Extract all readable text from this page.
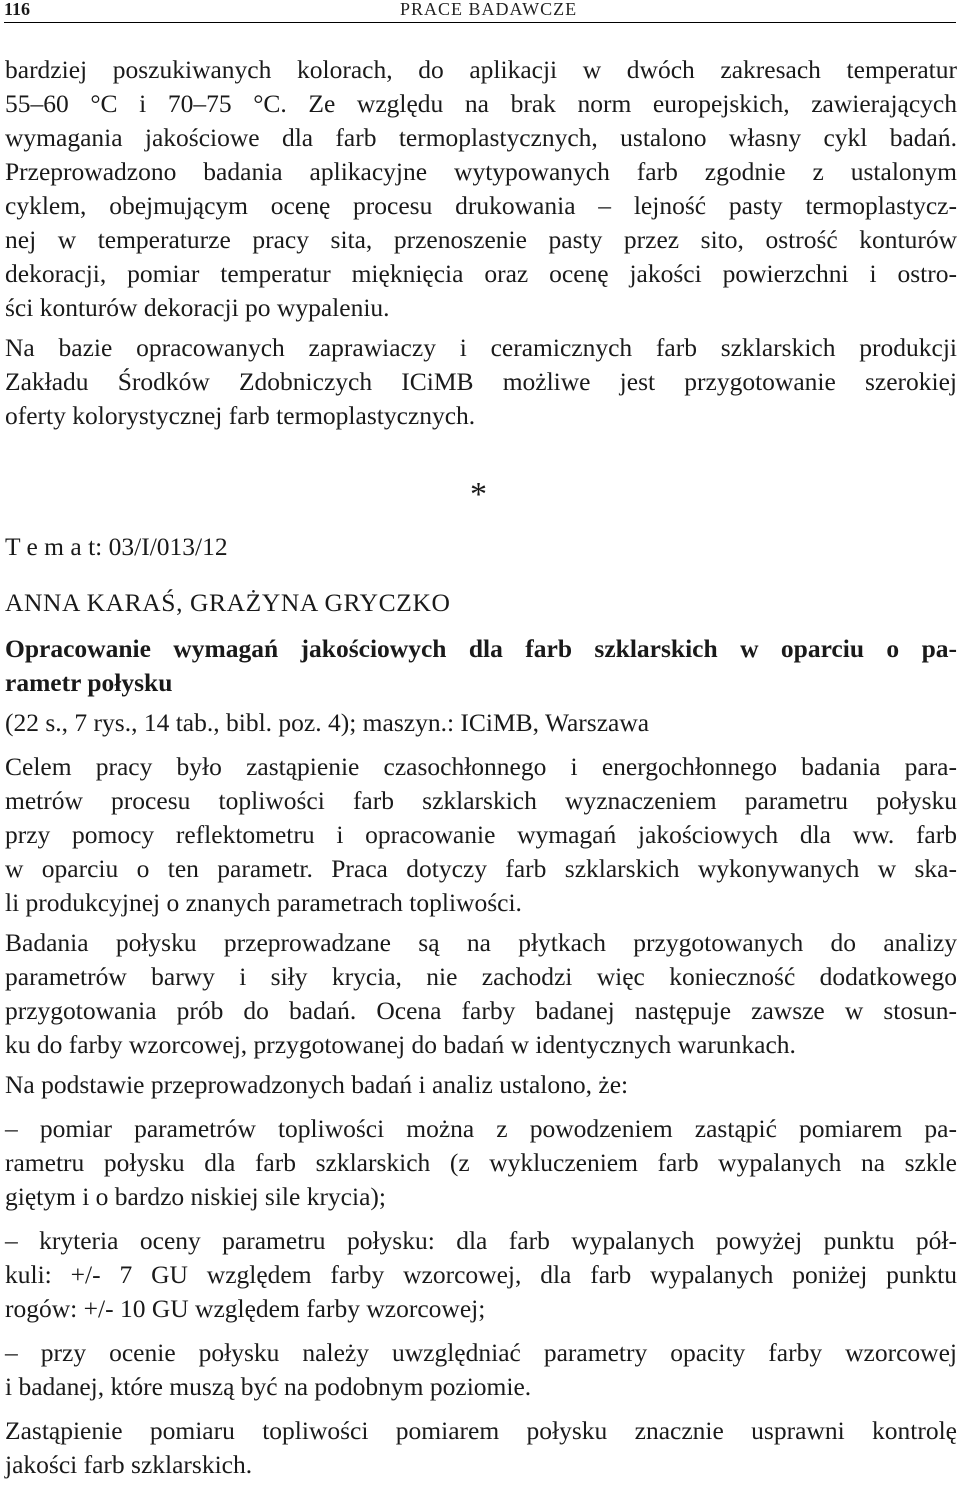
116	PRACE BADAWCZE

bardziej poszukiwanych kolorach, do aplikacji w dwóch zakresach temperatur
55–60 °C i 70–75 °C. Ze względu na brak norm europejskich, zawierających
wymagania jakościowe dla farb termoplastycznych, ustalono własny cykl badań.
Przeprowadzono badania aplikacyjne wytypowanych farb zgodnie z ustalonym
cyklem, obejmującym ocenę procesu drukowania – lejność pasty termoplastycz-
nej w temperaturze pracy sita, przenoszenie pasty przez sito, ostrość konturów
dekoracji, pomiar temperatur mięknięcia oraz ocenę jakości powierzchni i ostro-
ści konturów dekoracji po wypaleniu.

Na bazie opracowanych zaprawiaczy i ceramicznych farb szklarskich produkcji
Zakładu Środków Zdobniczych ICiMB możliwe jest przygotowanie szerokiej
oferty kolorystycznej farb termoplastycznych.

*
T e m a t: 03/I/013/12
ANNA KARAŚ, GRAŻYNA GRYCZKO
Opracowanie wymagań jakościowych dla farb szklarskich w oparciu o pa-
rametr połysku
(22 s., 7 rys., 14 tab., bibl. poz. 4); maszyn.: ICiMB, Warszawa

Celem pracy było zastąpienie czasochłonnego i energochłonnego badania para-
metrów procesu topliwości farb szklarskich wyznaczeniem parametru połysku
przy pomocy reflektometru i opracowanie wymagań jakościowych dla ww. farb
w oparciu o ten parametr. Praca dotyczy farb szklarskich wykonywanych w ska-
li produkcyjnej o znanych parametrach topliwości.

Badania połysku przeprowadzane są na płytkach przygotowanych do analizy
parametrów barwy i siły krycia, nie zachodzi więc konieczność dodatkowego
przygotowania prób do badań. Ocena farby badanej następuje zawsze w stosun-
ku do farby wzorcowej, przygotowanej do badań w identycznych warunkach.

Na podstawie przeprowadzonych badań i analiz ustalono, że:

– pomiar parametrów topliwości można z powodzeniem zastąpić pomiarem pa-
rametru połysku dla farb szklarskich (z wykluczeniem farb wypalanych na szkle
giętym i o bardzo niskiej sile krycia);

– kryteria oceny parametru połysku: dla farb wypalanych powyżej punktu pół-
kuli: +/- 7 GU względem farby wzorcowej, dla farb wypalanych poniżej punktu
rogów: +/- 10 GU względem farby wzorcowej;

– przy ocenie połysku należy uwzględniać parametry opacity farby wzorcowej
i badanej, które muszą być na podobnym poziomie.

Zastąpienie pomiaru topliwości pomiarem połysku znacznie usprawni kontrolę
jakości farb szklarskich.
